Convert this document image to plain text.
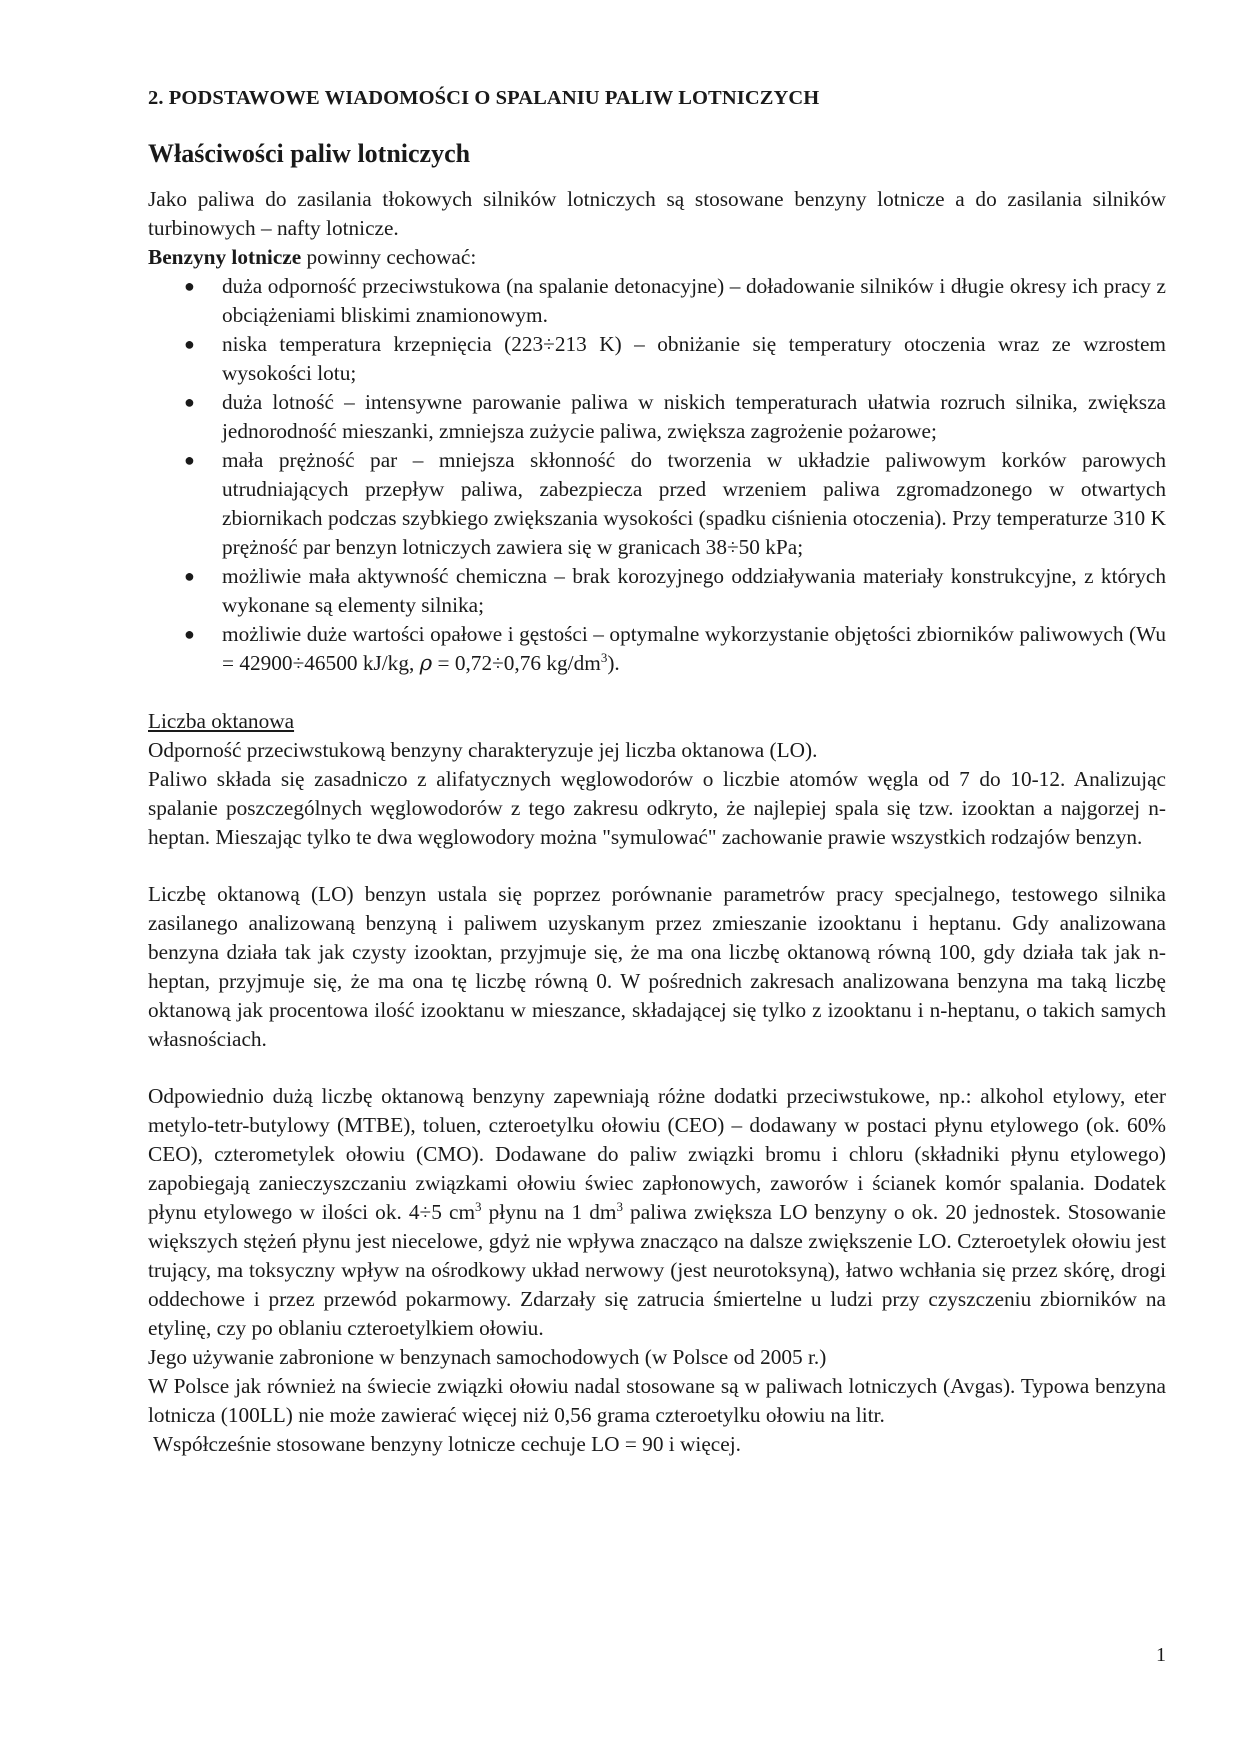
2. PODSTAWOWE WIADOMOŚCI O SPALANIU PALIW LOTNICZYCH
Właściwości paliw lotniczych

Jako paliwa do zasilania tłokowych silników lotniczych są stosowane benzyny lotnicze a do zasilania silników turbinowych – nafty lotnicze.

Benzyny lotnicze powinny cechować:

● duża odporność przeciwstukowa (na spalanie detonacyjne) – doładowanie silników i długie okresy ich pracy z obciążeniami bliskimi znamionowym.
● niska temperatura krzepnięcia (223÷213 K) – obniżanie się temperatury otoczenia wraz ze wzrostem wysokości lotu;
● duża lotność – intensywne parowanie paliwa w niskich temperaturach ułatwia rozruch silnika, zwiększa jednorodność mieszanki, zmniejsza zużycie paliwa, zwiększa zagrożenie pożarowe;
● mała prężność par – mniejsza skłonność do tworzenia w układzie paliwowym korków parowych utrudniających przepływ paliwa, zabezpiecza przed wrzeniem paliwa zgromadzonego w otwartych zbiornikach podczas szybkiego zwiększania wysokości (spadku ciśnienia otoczenia). Przy temperaturze 310 K prężność par benzyn lotniczych zawiera się w granicach 38÷50 kPa;
● możliwie mała aktywność chemiczna – brak korozyjnego oddziaływania materiały konstrukcyjne, z których wykonane są elementy silnika;
● możliwie duże wartości opałowe i gęstości – optymalne wykorzystanie objętości zbiorników paliwowych (Wu = 42900÷46500 kJ/kg, ρ = 0,72÷0,76 $kg/dm^3$).

Liczba oktanowa

Odporność przeciwstukową benzyny charakteryzuje jej liczba oktanowa (LO).

Paliwo składa się zasadniczo z alifatycznych węglowodorów o liczbie atomów węgla od 7 do 10-12. Analizując spalanie poszczególnych węglowodorów z tego zakresu odkryto, że najlepiej spala się tzw. izooktan a najgorzej n-heptan. Mieszając tylko te dwa węglowodory można "symulować" zachowanie prawie wszystkich rodzajów benzyn.

Liczbę oktanową (LO) benzyn ustala się poprzez porównanie parametrów pracy specjalnego, testowego silnika zasilanego analizowaną benzyną i paliwem uzyskanym przez zmieszanie izooktanu i heptanu. Gdy analizowana benzyna działa tak jak czysty izooktan, przyjmuje się, że ma ona liczbę oktanową równą 100, gdy działa tak jak n-heptan, przyjmuje się, że ma ona tę liczbę równą 0. W pośrednich zakresach analizowana benzyna ma taką liczbę oktanową jak procentowa ilość izooktanu w mieszance, składającej się tylko z izooktanu i n-heptanu, o takich samych własnościach.

Odpowiednio dużą liczbę oktanową benzyny zapewniają różne dodatki przeciwstukowe, np.: alkohol etylowy, eter metylo-tetr-butylowy (MTBE), toluen, czteroetylku ołowiu (CEO) – dodawany w postaci płynu etylowego (ok. 60% CEO), czterometylek ołowiu (CMO). Dodawane do paliw związki bromu i chloru (składniki płynu etylowego) zapobiegają zanieczyszczaniu związkami ołowiu świec zapłonowych, zaworów i ścianek komór spalania. Dodatek płynu etylowego w ilości ok. 4÷5 $cm^3$ płynu na 1 $dm^3$ paliwa zwiększa LO benzyny o ok. 20 jednostek. Stosowanie większych stężeń płynu jest niecelowe, gdyż nie wpływa znacząco na dalsze zwiększenie LO. Czteroetylek ołowiu jest trujący, ma toksyczny wpływ na ośrodkowy układ nerwowy (jest neurotoksyną), łatwo wchłania się przez skórę, drogi oddechowe i przez przewód pokarmowy. Zdarzały się zatrucia śmiertelne u ludzi przy czyszczeniu zbiorników na etylinę, czy po oblaniu czteroetylkiem ołowiu.

Jego używanie zabronione w benzynach samochodowych (w Polsce od 2005 r.)

W Polsce jak również na świecie związki ołowiu nadal stosowane są w paliwach lotniczych (Avgas). Typowa benzyna lotnicza (100LL) nie może zawierać więcej niż 0,56 grama czteroetylku ołowiu na litr.

Współcześnie stosowane benzyny lotnicze cechuje LO = 90 i więcej.

1
